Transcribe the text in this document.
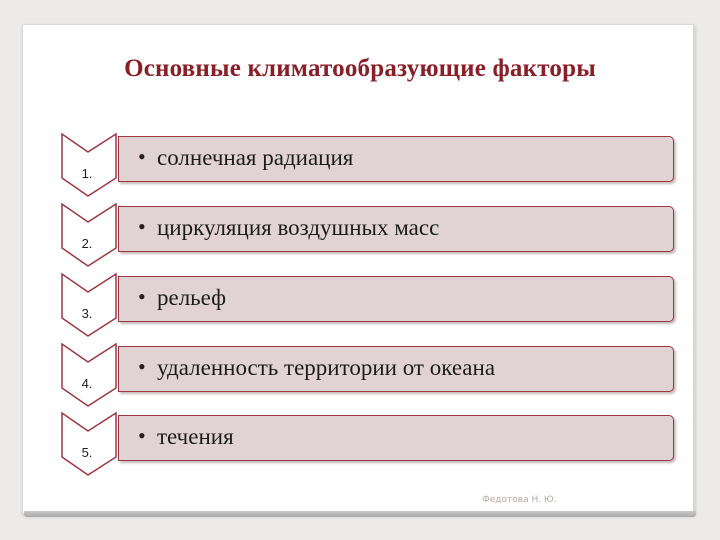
Основные климатообразующие факторы
1.
• солнечная радиация
2.
• циркуляция воздушных масс
3.
• рельеф
4.
• удаленность территории от океана
5.
• течения
Федотова Н. Ю.
